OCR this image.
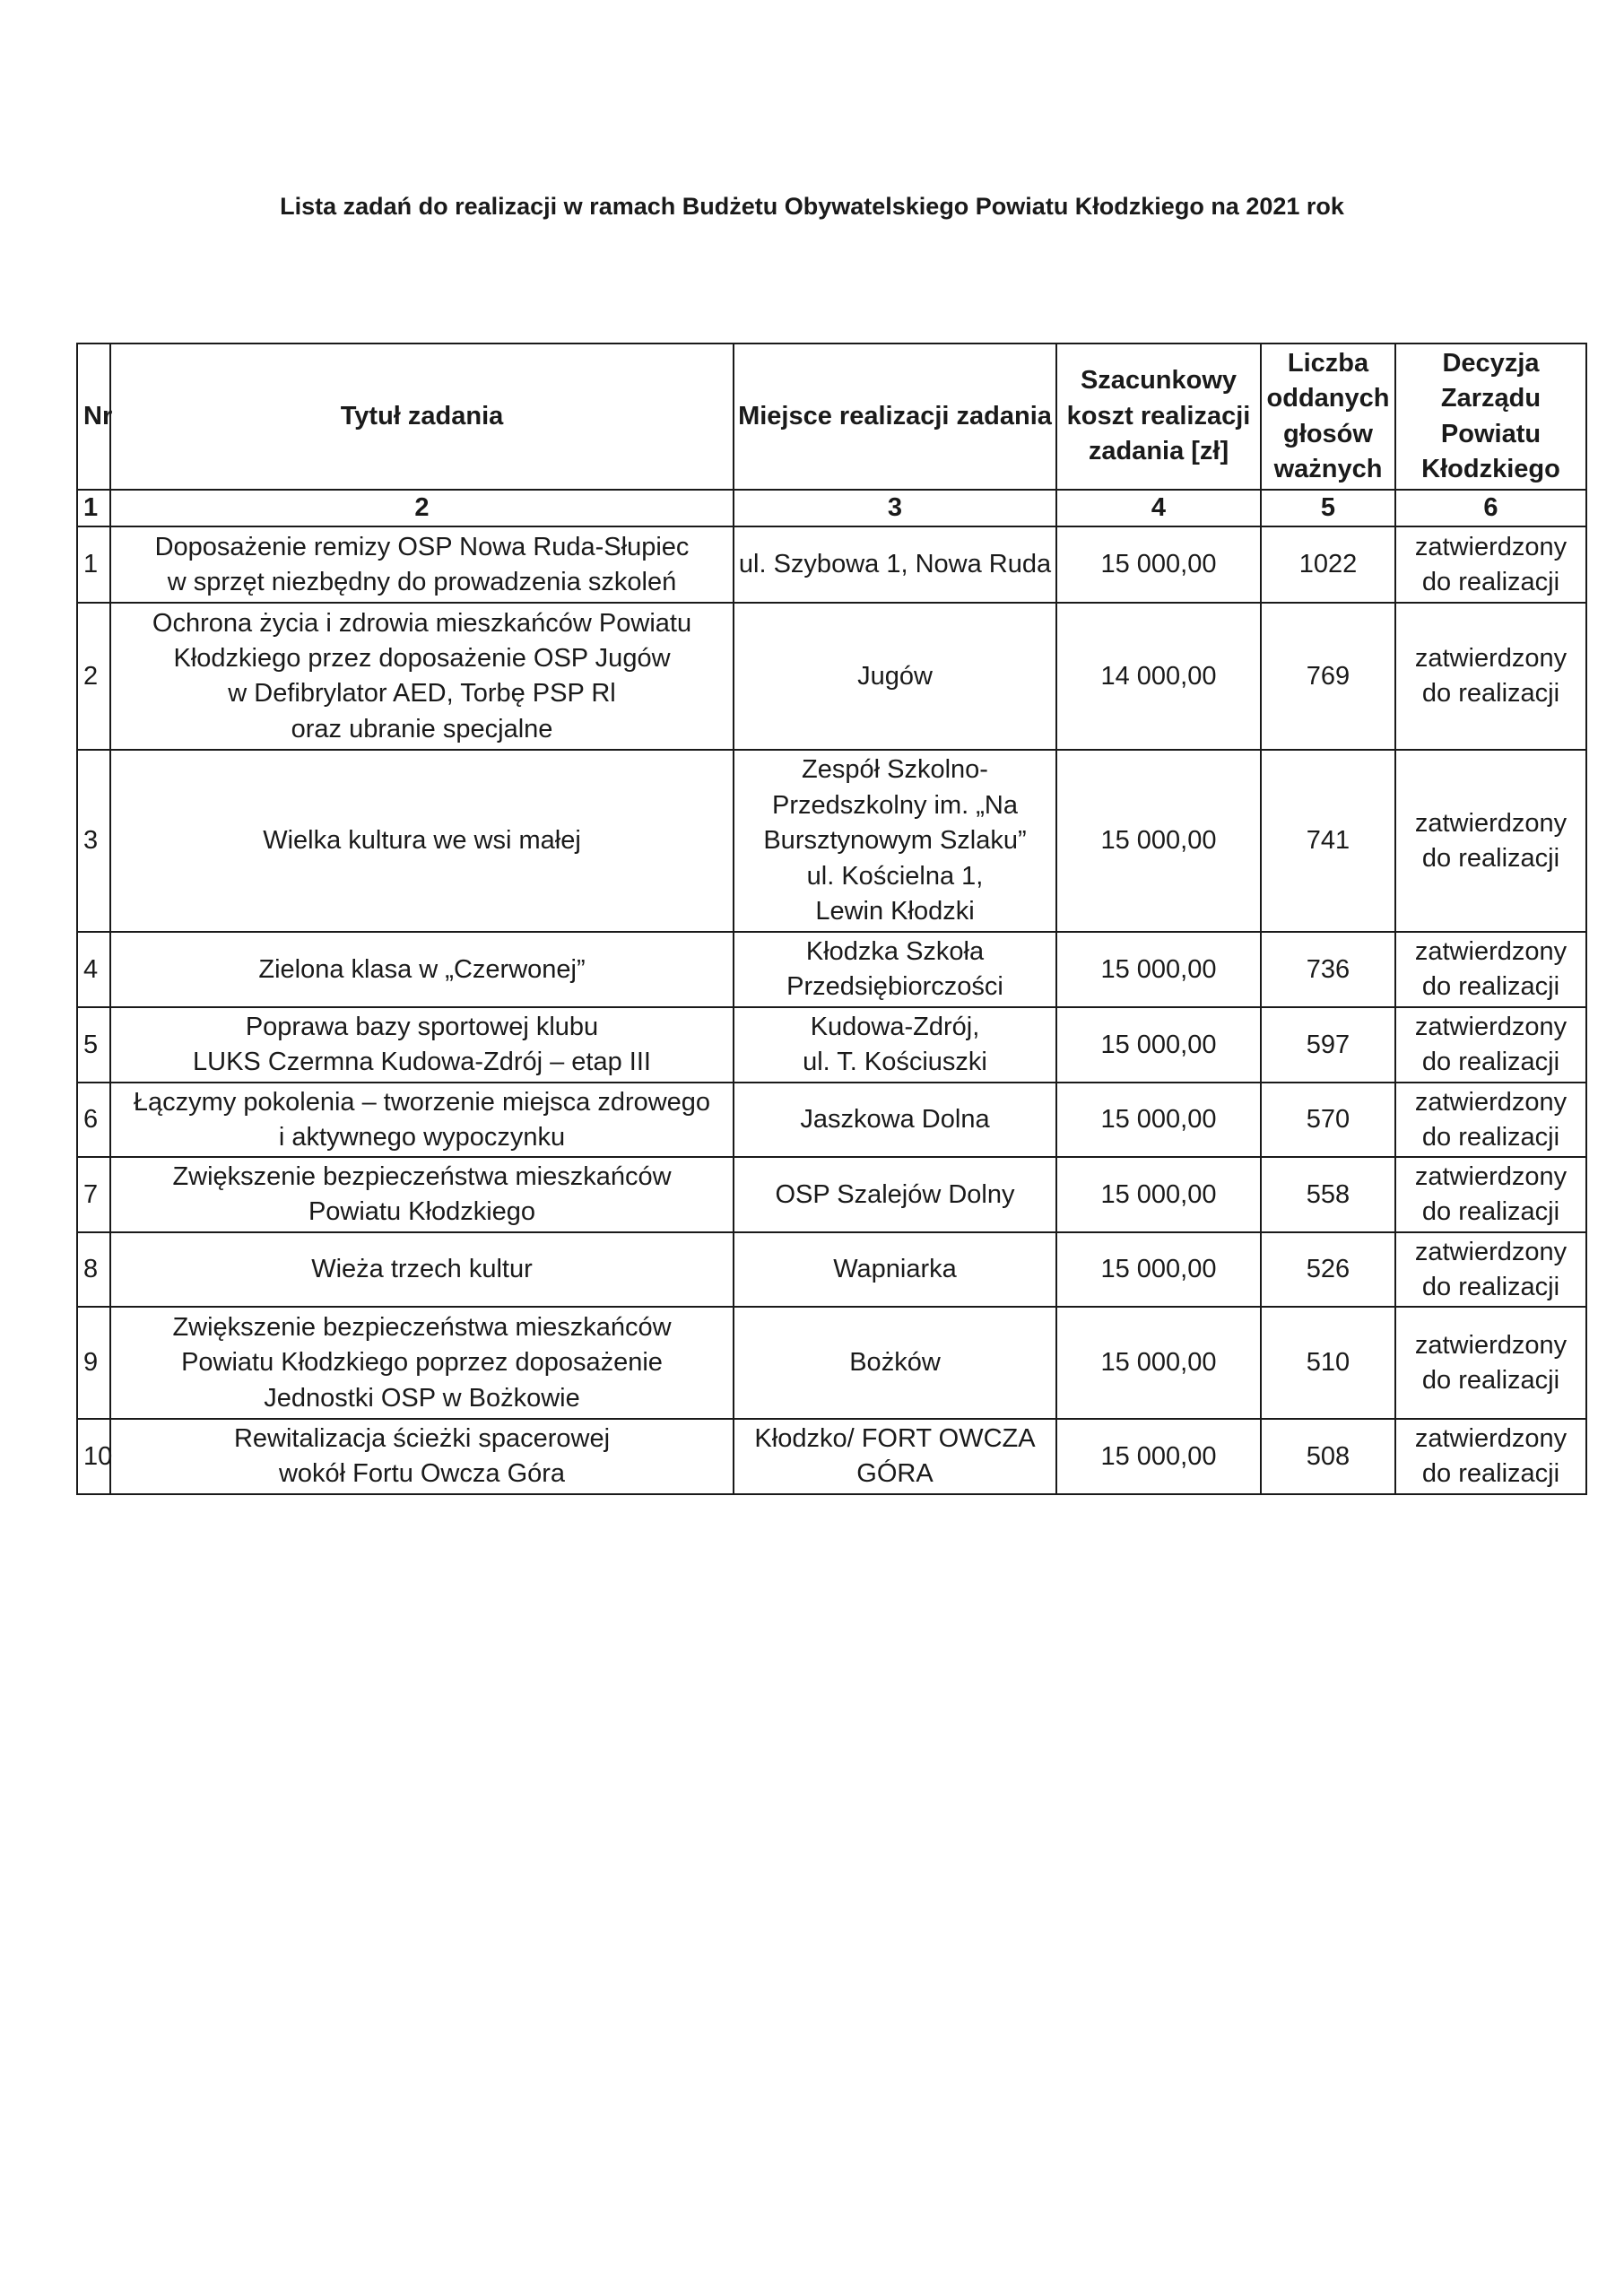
Lista zadań do realizacji w ramach Budżetu Obywatelskiego Powiatu Kłodzkiego na 2021 rok
Nr	Tytuł zadania	Miejsce realizacji zadania	Szacunkowy
koszt realizacji
zadania [zł]	Liczba
oddanych
głosów
ważnych	Decyzja
Zarządu
Powiatu
Kłodzkiego
1	2	3	4	5	6
1	Doposażenie remizy OSP Nowa Ruda-Słupiec
w sprzęt niezbędny do prowadzenia szkoleń	ul. Szybowa 1, Nowa Ruda	15 000,00	1022	zatwierdzony
do realizacji
2	Ochrona życia i zdrowia mieszkańców Powiatu
Kłodzkiego przez doposażenie OSP Jugów
w Defibrylator AED, Torbę PSP Rl
oraz ubranie specjalne	Jugów	14 000,00	769	zatwierdzony
do realizacji
3	Wielka kultura we wsi małej	Zespół Szkolno-
Przedszkolny im. „Na
Bursztynowym Szlaku”
ul. Kościelna 1,
Lewin Kłodzki	15 000,00	741	zatwierdzony
do realizacji
4	Zielona klasa w „Czerwonej”	Kłodzka Szkoła
Przedsiębiorczości	15 000,00	736	zatwierdzony
do realizacji
5	Poprawa bazy sportowej klubu
LUKS Czermna Kudowa-Zdrój – etap III	Kudowa-Zdrój,
ul. T. Kościuszki	15 000,00	597	zatwierdzony
do realizacji
6	Łączymy pokolenia – tworzenie miejsca zdrowego
i aktywnego wypoczynku	Jaszkowa Dolna	15 000,00	570	zatwierdzony
do realizacji
7	Zwiększenie bezpieczeństwa mieszkańców
Powiatu Kłodzkiego	OSP Szalejów Dolny	15 000,00	558	zatwierdzony
do realizacji
8	Wieża trzech kultur	Wapniarka	15 000,00	526	zatwierdzony
do realizacji
9	Zwiększenie bezpieczeństwa mieszkańców
Powiatu Kłodzkiego poprzez doposażenie
Jednostki OSP w Bożkowie	Bożków	15 000,00	510	zatwierdzony
do realizacji
10	Rewitalizacja ścieżki spacerowej
wokół Fortu Owcza Góra	Kłodzko/ FORT OWCZA
GÓRA	15 000,00	508	zatwierdzony
do realizacji
